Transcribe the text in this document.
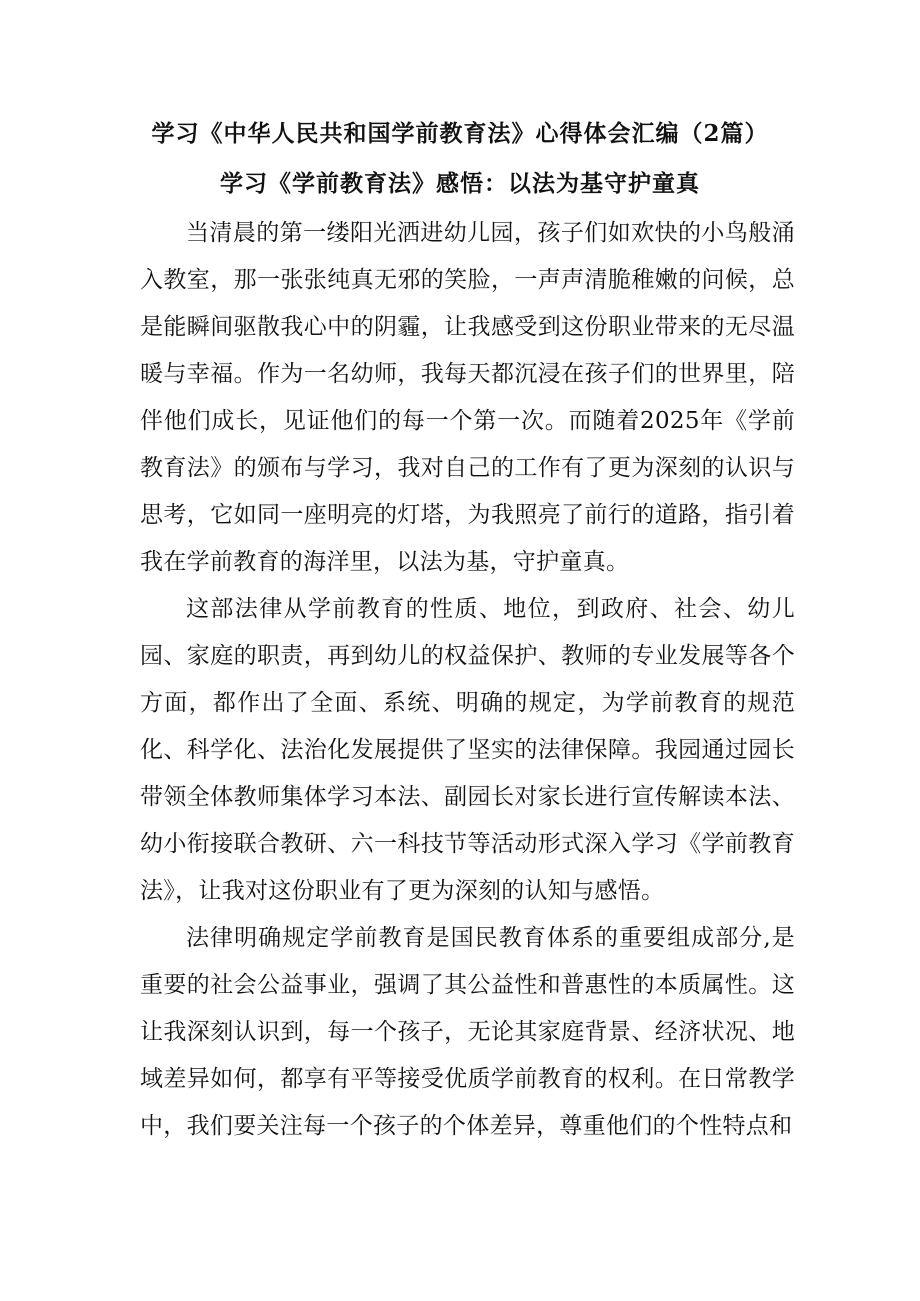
学习《中华人民共和国学前教育法》心得体会汇编（2篇）
学习《学前教育法》感悟：以法为基守护童真

当清晨的第一缕阳光洒进幼儿园，孩子们如欢快的小鸟般涌入教室，那一张张纯真无邪的笑脸，一声声清脆稚嫩的问候，总是能瞬间驱散我心中的阴霾，让我感受到这份职业带来的无尽温暖与幸福。作为一名幼师，我每天都沉浸在孩子们的世界里，陪伴他们成长，见证他们的每一个第一次。而随着2025年《学前教育法》的颁布与学习，我对自己的工作有了更为深刻的认识与思考，它如同一座明亮的灯塔，为我照亮了前行的道路，指引着我在学前教育的海洋里，以法为基，守护童真。

这部法律从学前教育的性质、地位，到政府、社会、幼儿园、家庭的职责，再到幼儿的权益保护、教师的专业发展等各个方面，都作出了全面、系统、明确的规定，为学前教育的规范化、科学化、法治化发展提供了坚实的法律保障。我园通过园长带领全体教师集体学习本法、副园长对家长进行宣传解读本法、幼小衔接联合教研、六一科技节等活动形式深入学习《学前教育法》，让我对这份职业有了更为深刻的认知与感悟。

法律明确规定学前教育是国民教育体系的重要组成部分,是重要的社会公益事业，强调了其公益性和普惠性的本质属性。这让我深刻认识到，每一个孩子，无论其家庭背景、经济状况、地域差异如何，都享有平等接受优质学前教育的权利。在日常教学中，我们要关注每一个孩子的个体差异，尊重他们的个性特点和
